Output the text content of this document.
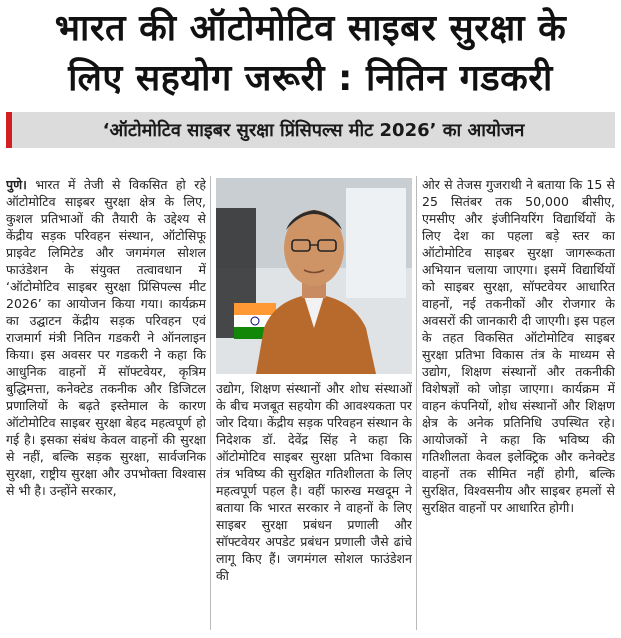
भारत की ऑटोमोटिव साइबर सुरक्षा के
लिए सहयोग जरूरी : नितिन गडकरी
‘ऑटोमोटिव साइबर सुरक्षा प्रिंसिपल्स मीट 2026’ का आयोजन

पुणे। भारत में तेजी से विकसित हो रहे ऑटोमोटिव साइबर सुरक्षा क्षेत्र के लिए, कुशल प्रतिभाओं की तैयारी के उद्देश्य से केंद्रीय सड़क परिवहन संस्थान, ऑटोसिफू प्राइवेट लिमिटेड और जगमंगल सोशल फाउंडेशन के संयुक्त तत्वावधान में ‘ऑटोमोटिव साइबर सुरक्षा प्रिंसिपल्स मीट 2026’ का आयोजन किया गया। कार्यक्रम का उद्घाटन केंद्रीय सड़क परिवहन एवं राजमार्ग मंत्री नितिन गडकरी ने ऑनलाइन किया। इस अवसर पर गडकरी ने कहा कि आधुनिक वाहनों में सॉफ्टवेयर, कृत्रिम बुद्धिमत्ता, कनेक्टेड तकनीक और डिजिटल प्रणालियों के बढ़ते इस्तेमाल के कारण ऑटोमोटिव साइबर सुरक्षा बेहद महत्वपूर्ण हो गई है। इसका संबंध केवल वाहनों की सुरक्षा से नहीं, बल्कि सड़क सुरक्षा, सार्वजनिक सुरक्षा, राष्ट्रीय सुरक्षा और उपभोक्ता विश्वास से भी है। उन्होंने सरकार,

उद्योग, शिक्षण संस्थानों और शोध संस्थाओं के बीच मजबूत सहयोग की आवश्यकता पर जोर दिया। केंद्रीय सड़क परिवहन संस्थान के निदेशक डॉ. देवेंद्र सिंह ने कहा कि ऑटोमोटिव साइबर सुरक्षा प्रतिभा विकास तंत्र भविष्य की सुरक्षित गतिशीलता के लिए महत्वपूर्ण पहल है। वहीं फारुख मखदूम ने बताया कि भारत सरकार ने वाहनों के लिए साइबर सुरक्षा प्रबंधन प्रणाली और सॉफ्टवेयर अपडेट प्रबंधन प्रणाली जैसे ढांचे लागू किए हैं। जगमंगल सोशल फाउंडेशन की

ओर से तेजस गुजराथी ने बताया कि 15 से 25 सितंबर तक 50,000 बीसीए, एमसीए और इंजीनियरिंग विद्यार्थियों के लिए देश का पहला बड़े स्तर का ऑटोमोटिव साइबर सुरक्षा जागरूकता अभियान चलाया जाएगा। इसमें विद्यार्थियों को साइबर सुरक्षा, सॉफ्टवेयर आधारित वाहनों, नई तकनीकों और रोजगार के अवसरों की जानकारी दी जाएगी। इस पहल के तहत विकसित ऑटोमोटिव साइबर सुरक्षा प्रतिभा विकास तंत्र के माध्यम से उद्योग, शिक्षण संस्थानों और तकनीकी विशेषज्ञों को जोड़ा जाएगा। कार्यक्रम में वाहन कंपनियों, शोध संस्थानों और शिक्षण क्षेत्र के अनेक प्रतिनिधि उपस्थित रहे। आयोजकों ने कहा कि भविष्य की गतिशीलता केवल इलेक्ट्रिक और कनेक्टेड वाहनों तक सीमित नहीं होगी, बल्कि सुरक्षित, विश्वसनीय और साइबर हमलों से सुरक्षित वाहनों पर आधारित होगी।
